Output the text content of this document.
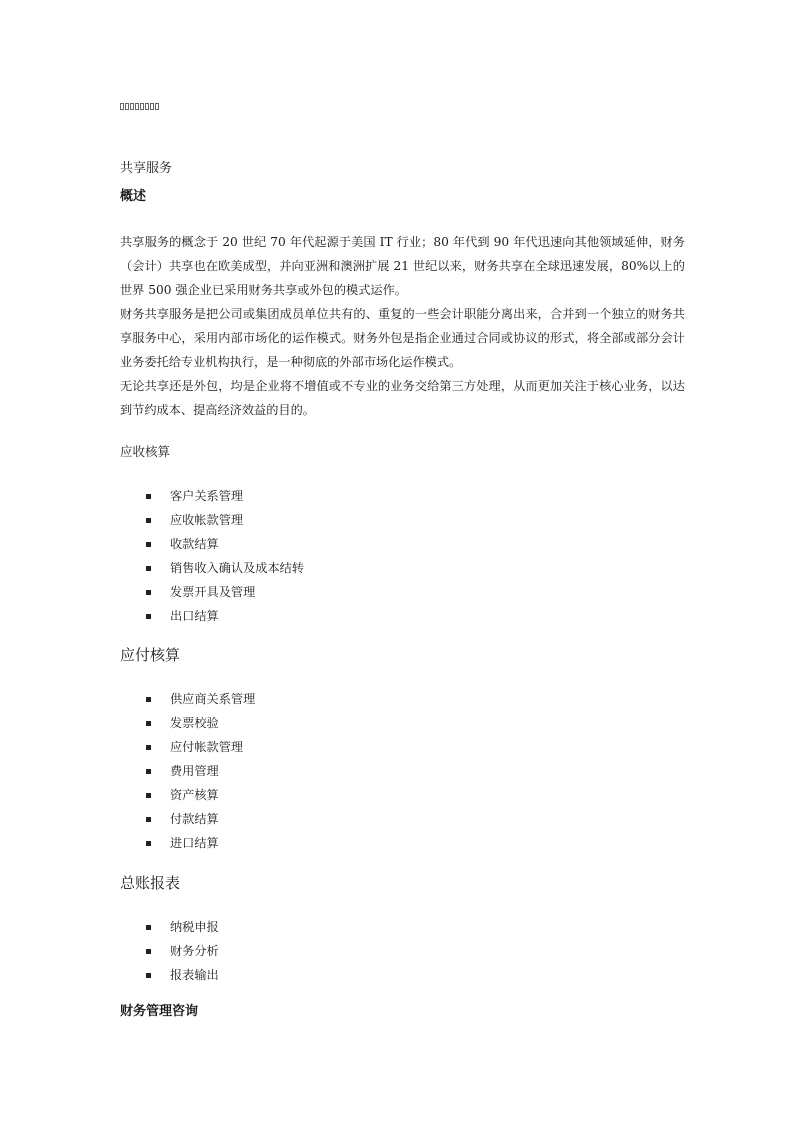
共享服务
概述
共享服务的概念于 20 世纪 70 年代起源于美国 IT 行业；80 年代到 90 年代迅速向其他领域延伸，财务（会计）共享也在欧美成型，并向亚洲和澳洲扩展 21 世纪以来，财务共享在全球迅速发展，80%以上的世界 500 强企业已采用财务共享或外包的模式运作。
财务共享服务是把公司或集团成员单位共有的、重复的一些会计职能分离出来，合并到一个独立的财务共享服务中心，采用内部市场化的运作模式。财务外包是指企业通过合同或协议的形式，将全部或部分会计业务委托给专业机构执行，是一种彻底的外部市场化运作模式。
无论共享还是外包，均是企业将不增值或不专业的业务交给第三方处理，从而更加关注于核心业务，以达到节约成本、提高经济效益的目的。
应收核算
客户关系管理
应收帐款管理
收款结算
销售收入确认及成本结转
发票开具及管理
出口结算
应付核算
供应商关系管理
发票校验
应付帐款管理
费用管理
资产核算
付款结算
进口结算
总账报表
纳税申报
财务分析
报表输出
财务管理咨询
